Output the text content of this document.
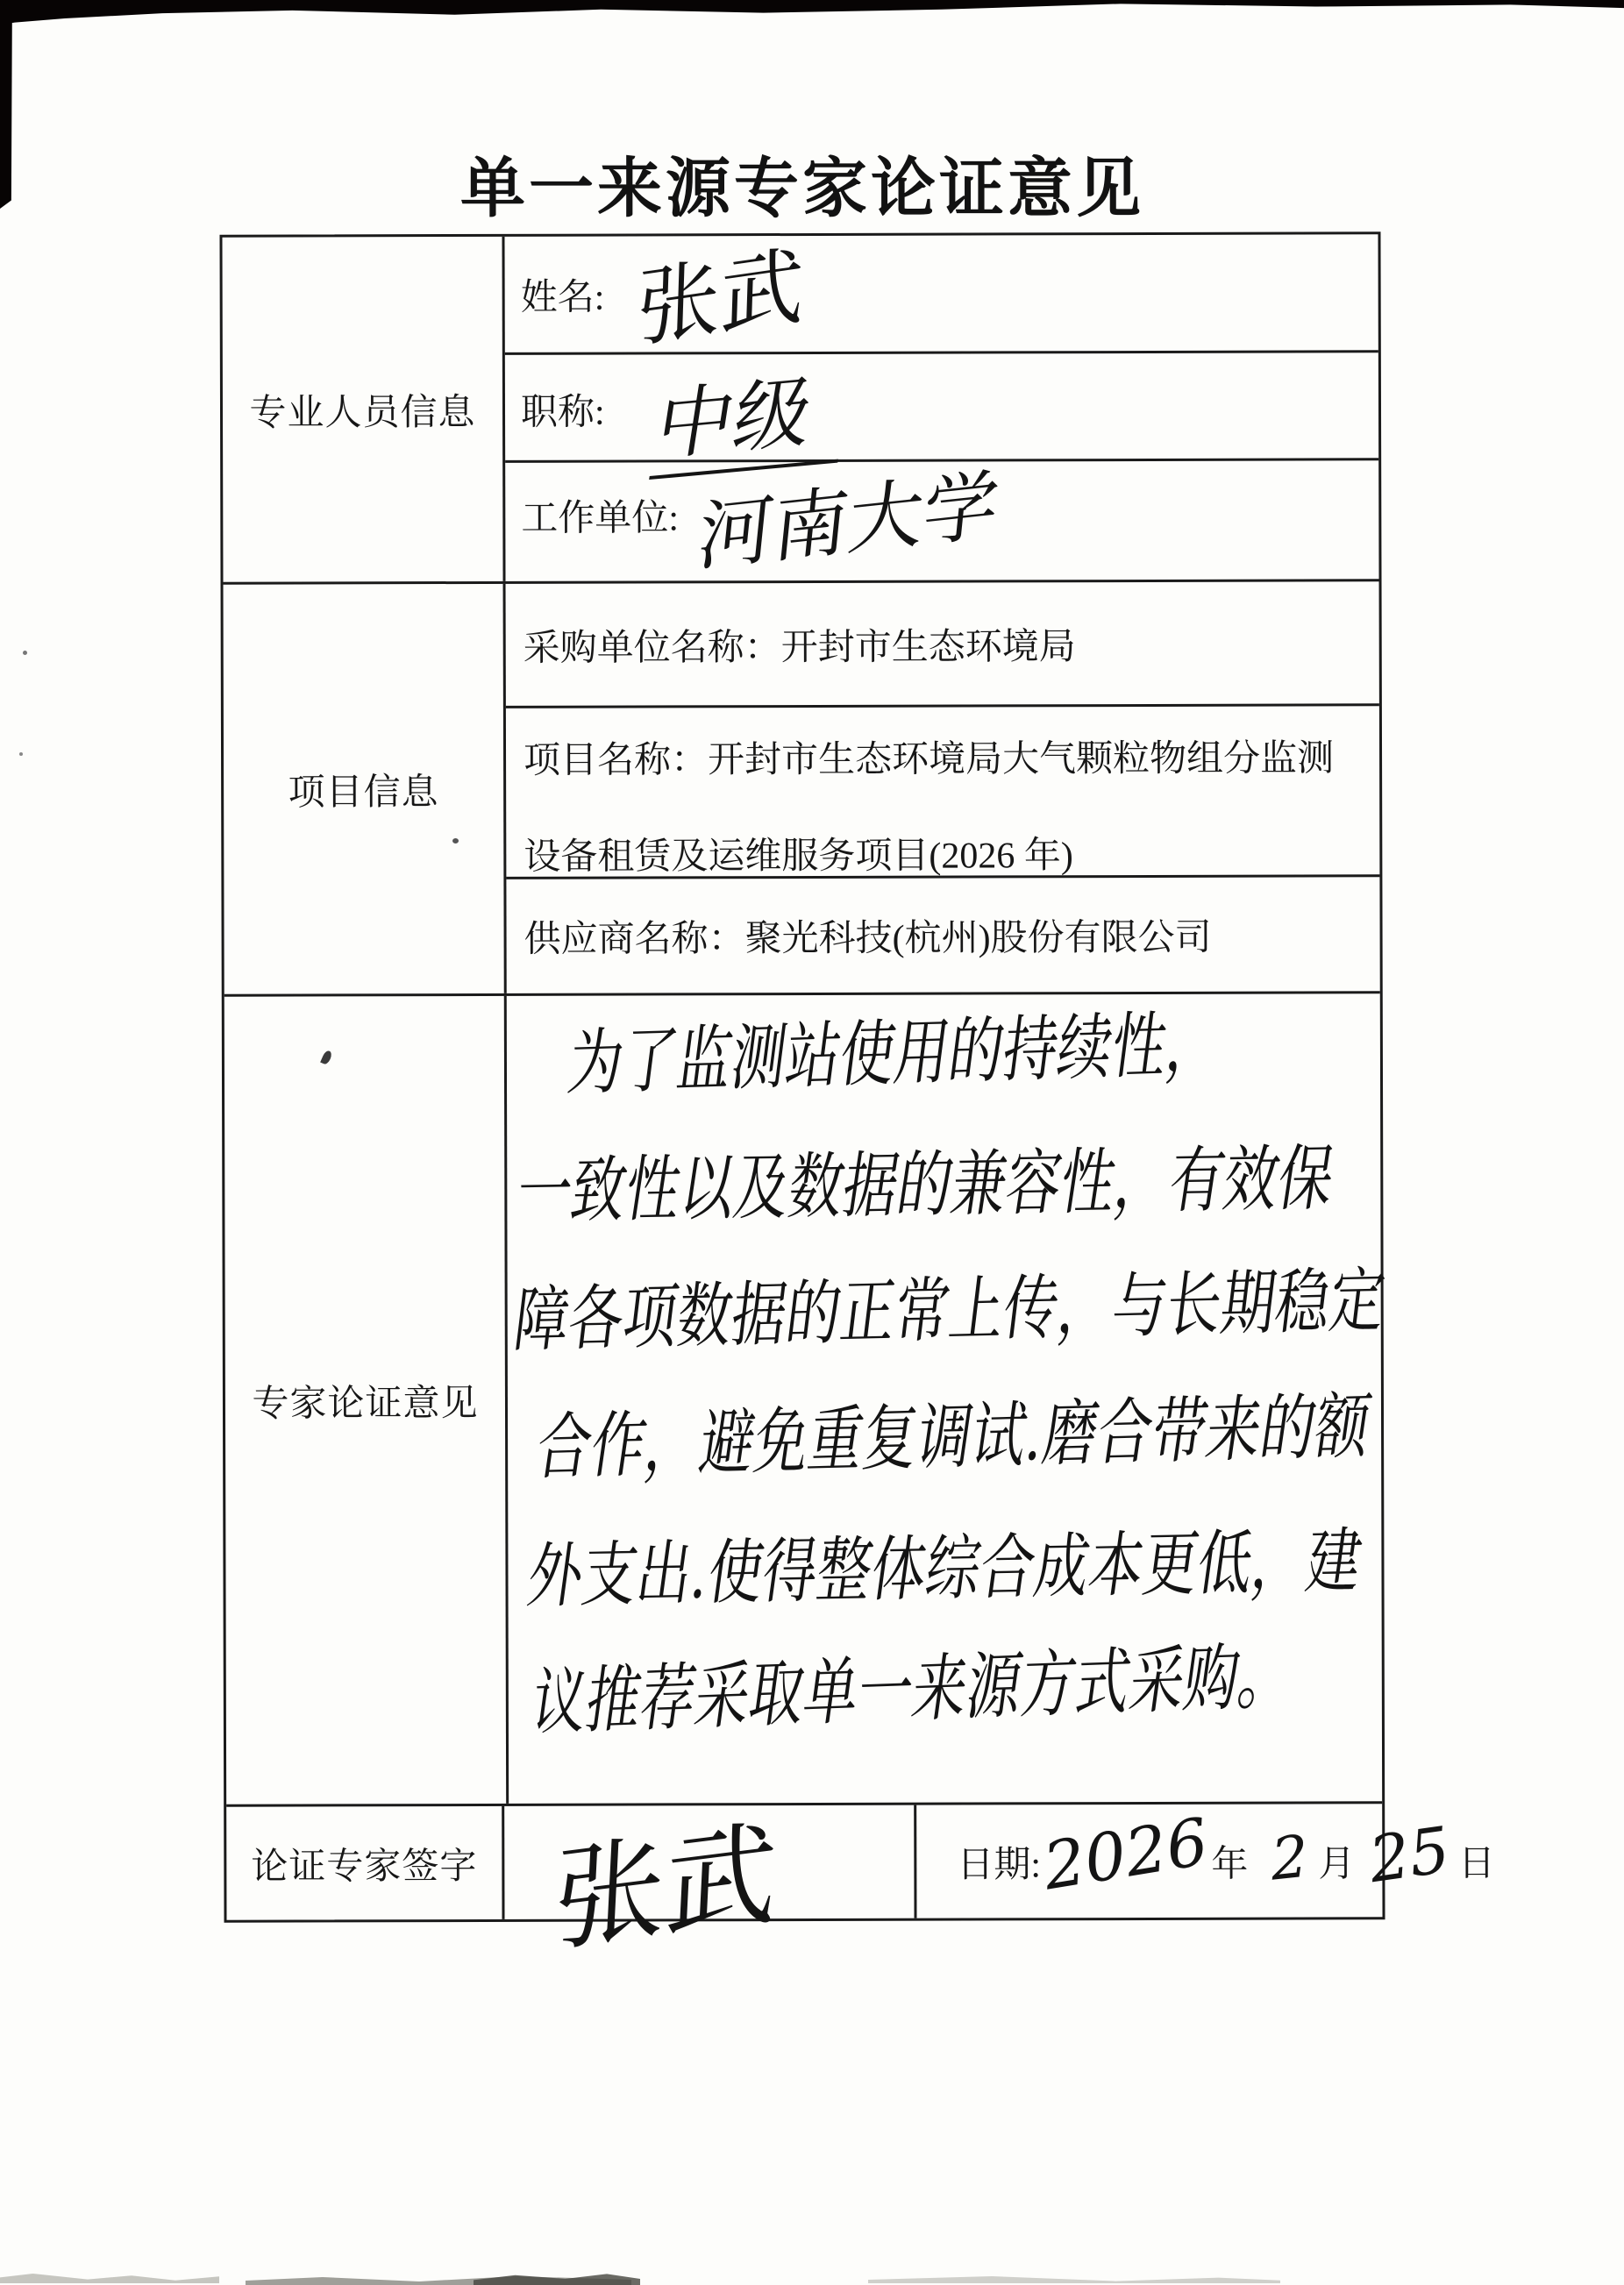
单一来源专家论证意见
专业人员信息
姓名: 张武
职称: 中级
工作单位: 河南大学
项目信息
采购单位名称：开封市生态环境局
项目名称：开封市生态环境局大气颗粒物组分监测
设备租赁及运维服务项目(2026 年)
供应商名称：聚光科技(杭州)股份有限公司
专家论证意见
为了监测站使用的持续性，
一致性以及数据的兼容性，有效保
障各项数据的正常上传，与长期稳定
合作，避免重复调试.磨合带来的额
外支出.使得整体综合成本更低，建
议推荐采取单一来源方式采购。
论证专家签字 张武	日期: 2026 年 2 月 25 日
